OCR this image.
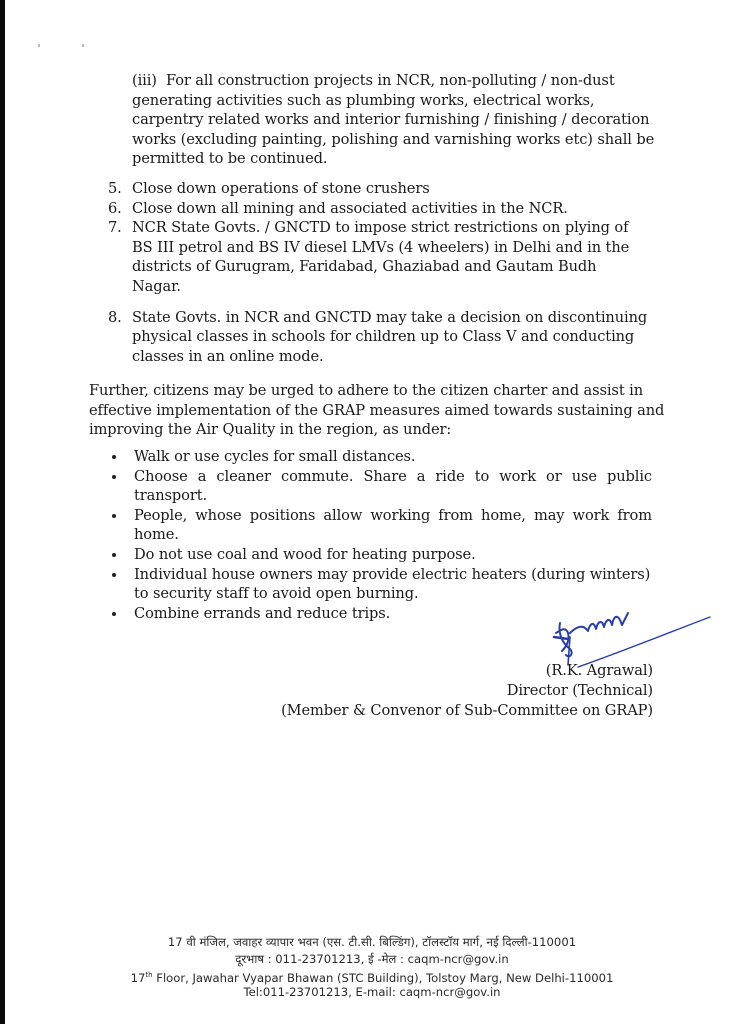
(iii) For all construction projects in NCR, non-polluting / non-dust
generating activities such as plumbing works, electrical works,
carpentry related works and interior furnishing / finishing / decoration
works (excluding painting, polishing and varnishing works etc) shall be
permitted to be continued.
5. Close down operations of stone crushers
6. Close down all mining and associated activities in the NCR.
7. NCR State Govts. / GNCTD to impose strict restrictions on plying of
BS III petrol and BS IV diesel LMVs (4 wheelers) in Delhi and in the
districts of Gurugram, Faridabad, Ghaziabad and Gautam Budh
Nagar.
8. State Govts. in NCR and GNCTD may take a decision on discontinuing
physical classes in schools for children up to Class V and conducting
classes in an online mode.
Further, citizens may be urged to adhere to the citizen charter and assist in
effective implementation of the GRAP measures aimed towards sustaining and
improving the Air Quality in the region, as under:
Walk or use cycles for small distances.
Choose a cleaner commute. Share a ride to work or use public
transport.
People, whose positions allow working from home, may work from
home.
Do not use coal and wood for heating purpose.
Individual house owners may provide electric heaters (during winters)
to security staff to avoid open burning.
Combine errands and reduce trips.
(R.K. Agrawal)
Director (Technical)
(Member & Convenor of Sub-Committee on GRAP)
17 वी मंजिल, जवाहर व्यापार भवन (एस. टी.सी. बिल्डिंग), टॉलस्टॉय मार्ग, नई दिल्ली-110001
दूरभाष : 011-23701213, ई -मेल : caqm-ncr@gov.in
17th Floor, Jawahar Vyapar Bhawan (STC Building), Tolstoy Marg, New Delhi-110001
Tel:011-23701213, E-mail: caqm-ncr@gov.in
